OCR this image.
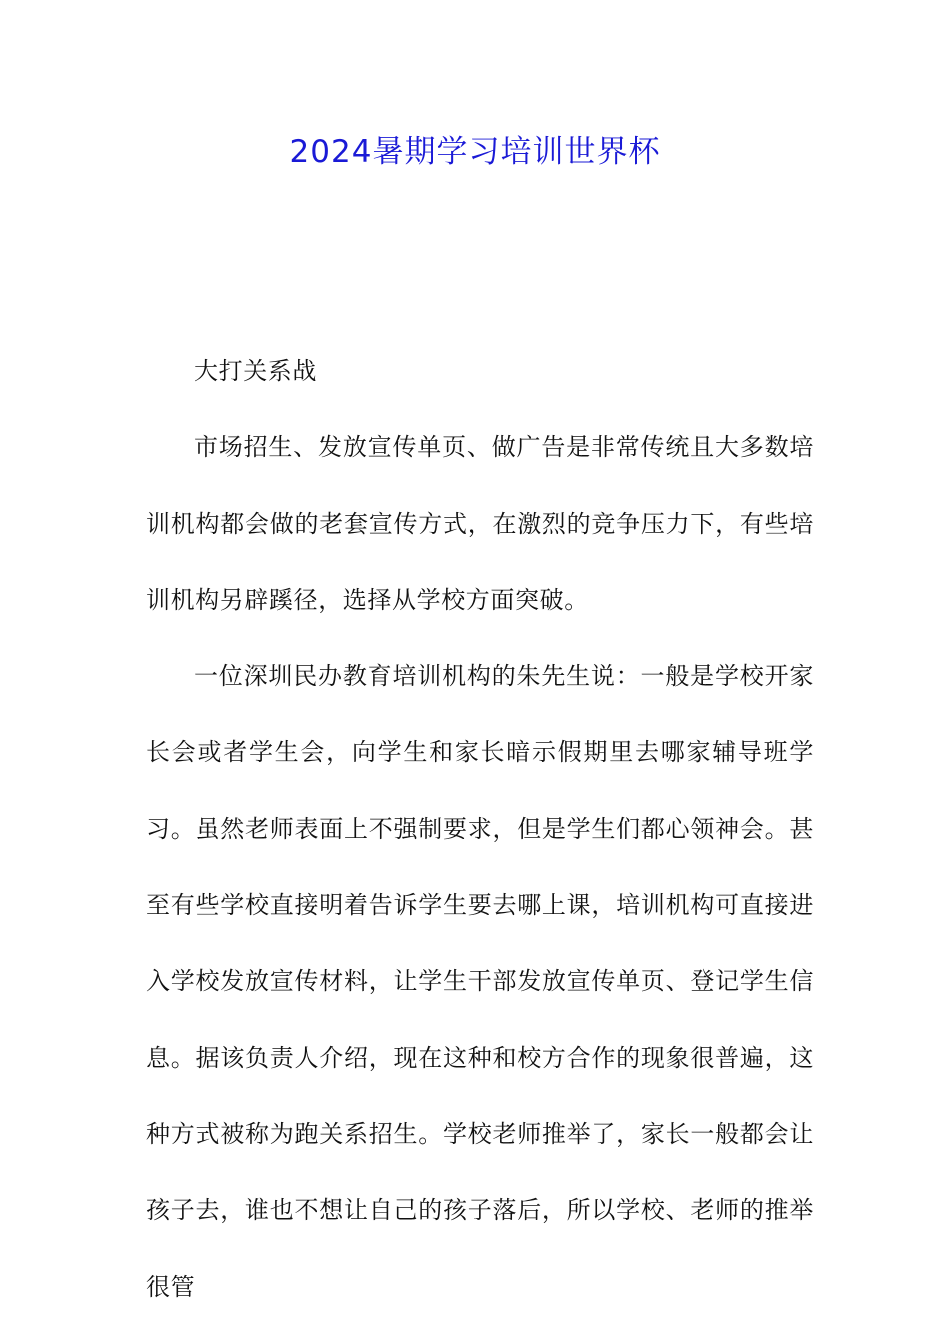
2024暑期学习培训世界杯

大打关系战

市场招生、发放宣传单页、做广告是非常传统且大多数培训机构都会做的老套宣传方式，在激烈的竞争压力下，有些培训机构另辟蹊径，选择从学校方面突破。

一位深圳民办教育培训机构的朱先生说：一般是学校开家长会或者学生会，向学生和家长暗示假期里去哪家辅导班学习。虽然老师表面上不强制要求，但是学生们都心领神会。甚至有些学校直接明着告诉学生要去哪上课，培训机构可直接进入学校发放宣传材料，让学生干部发放宣传单页、登记学生信息。据该负责人介绍，现在这种和校方合作的现象很普遍，这种方式被称为跑关系招生。学校老师推举了，家长一般都会让孩子去，谁也不想让自己的孩子落后，所以学校、老师的推举很管
